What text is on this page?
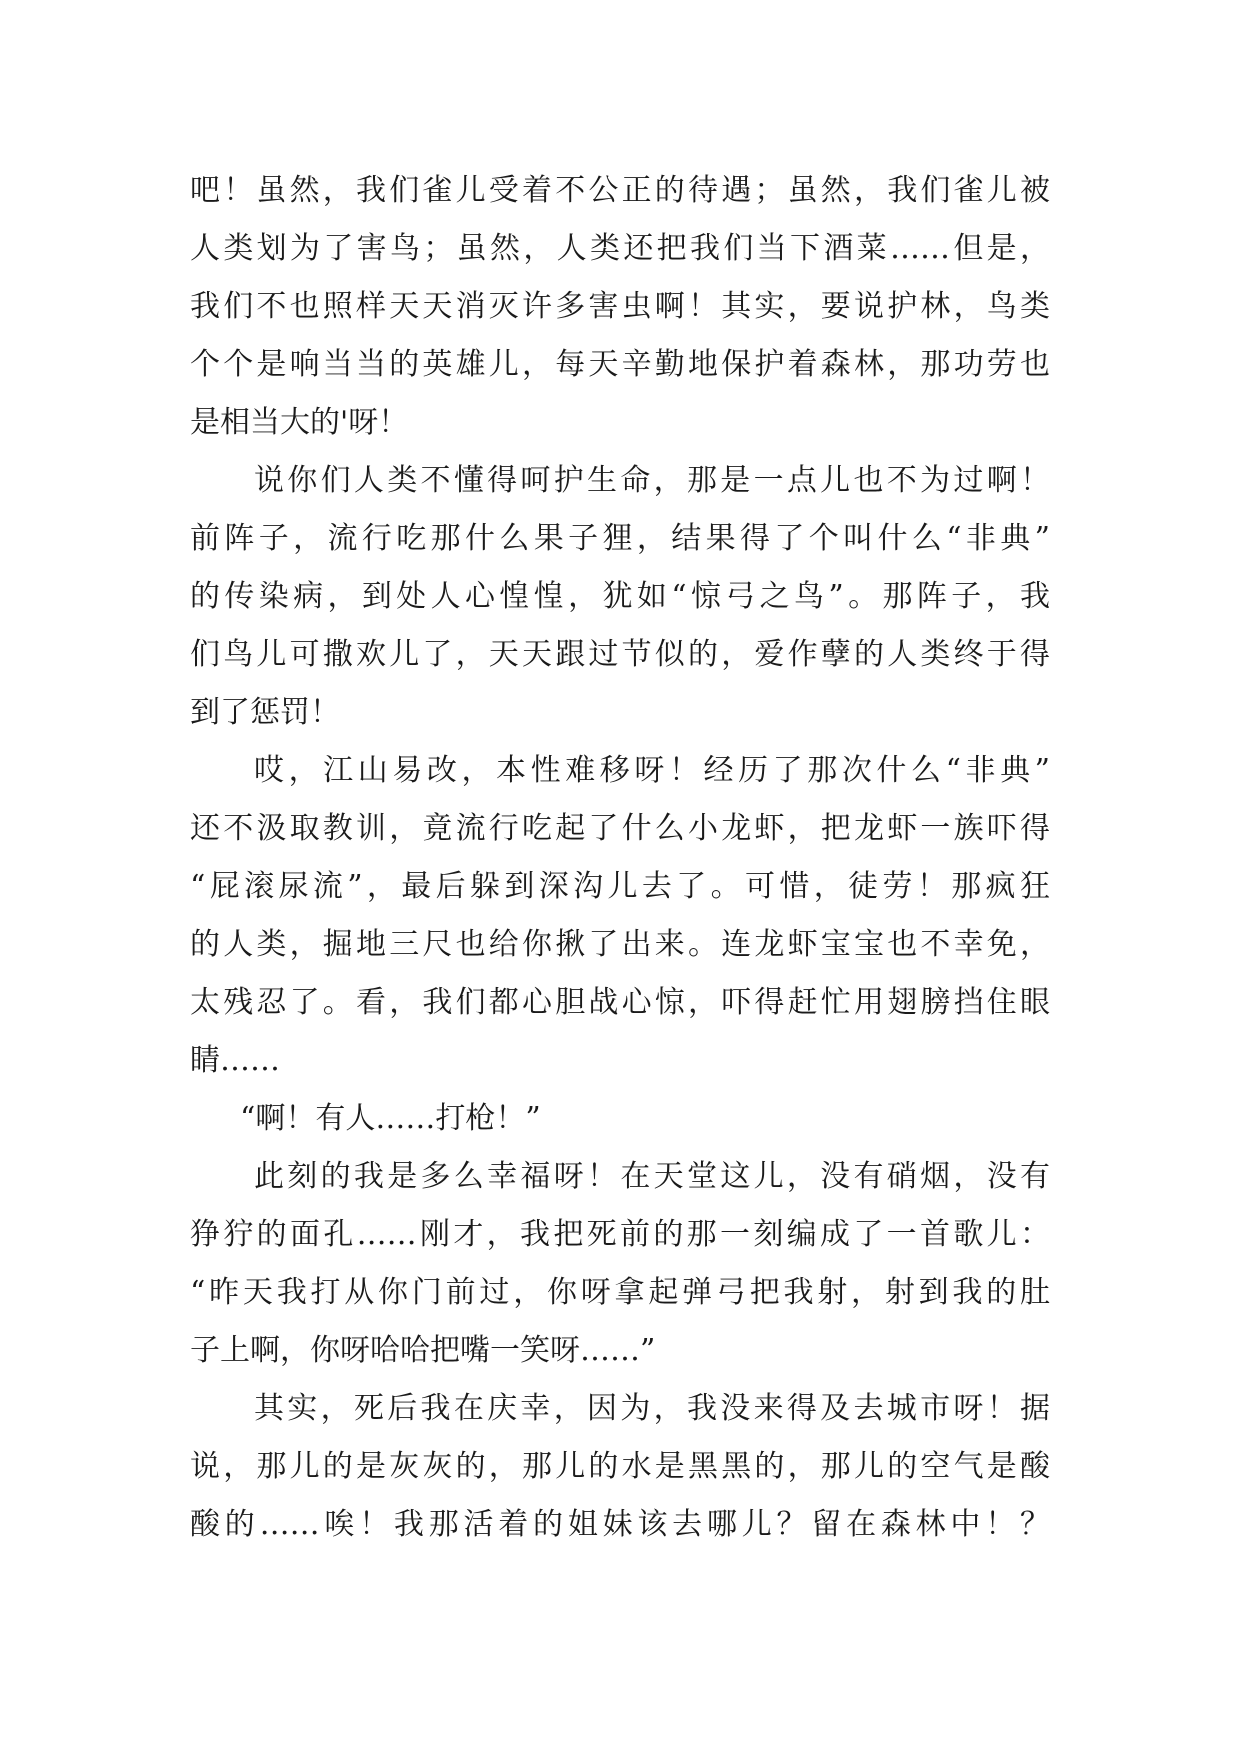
吧！虽然，我们雀儿受着不公正的待遇；虽然，我们雀儿被
人类划为了害鸟；虽然，人类还把我们当下酒菜……但是，
我们不也照样天天消灭许多害虫啊！其实，要说护林，鸟类
个个是响当当的英雄儿，每天辛勤地保护着森林，那功劳也
是相当大的'呀！
说你们人类不懂得呵护生命，那是一点儿也不为过啊！
前阵子，流行吃那什么果子狸，结果得了个叫什么“非典”
的传染病，到处人心惶惶，犹如“惊弓之鸟”。那阵子，我
们鸟儿可撒欢儿了，天天跟过节似的，爱作孽的人类终于得
到了惩罚！
哎，江山易改，本性难移呀！经历了那次什么“非典”
还不汲取教训，竟流行吃起了什么小龙虾，把龙虾一族吓得
“屁滚尿流”，最后躲到深沟儿去了。可惜，徒劳！那疯狂
的人类，掘地三尺也给你揪了出来。连龙虾宝宝也不幸免，
太残忍了。看，我们都心胆战心惊，吓得赶忙用翅膀挡住眼
睛……
“啊！有人……打枪！”
此刻的我是多么幸福呀！在天堂这儿，没有硝烟，没有
狰狞的面孔……刚才，我把死前的那一刻编成了一首歌儿：
“昨天我打从你门前过，你呀拿起弹弓把我射，射到我的肚
子上啊，你呀哈哈把嘴一笑呀……”
其实，死后我在庆幸，因为，我没来得及去城市呀！据
说，那儿的是灰灰的，那儿的水是黑黑的，那儿的空气是酸
酸的……唉！我那活着的姐妹该去哪儿？留在森林中！？
